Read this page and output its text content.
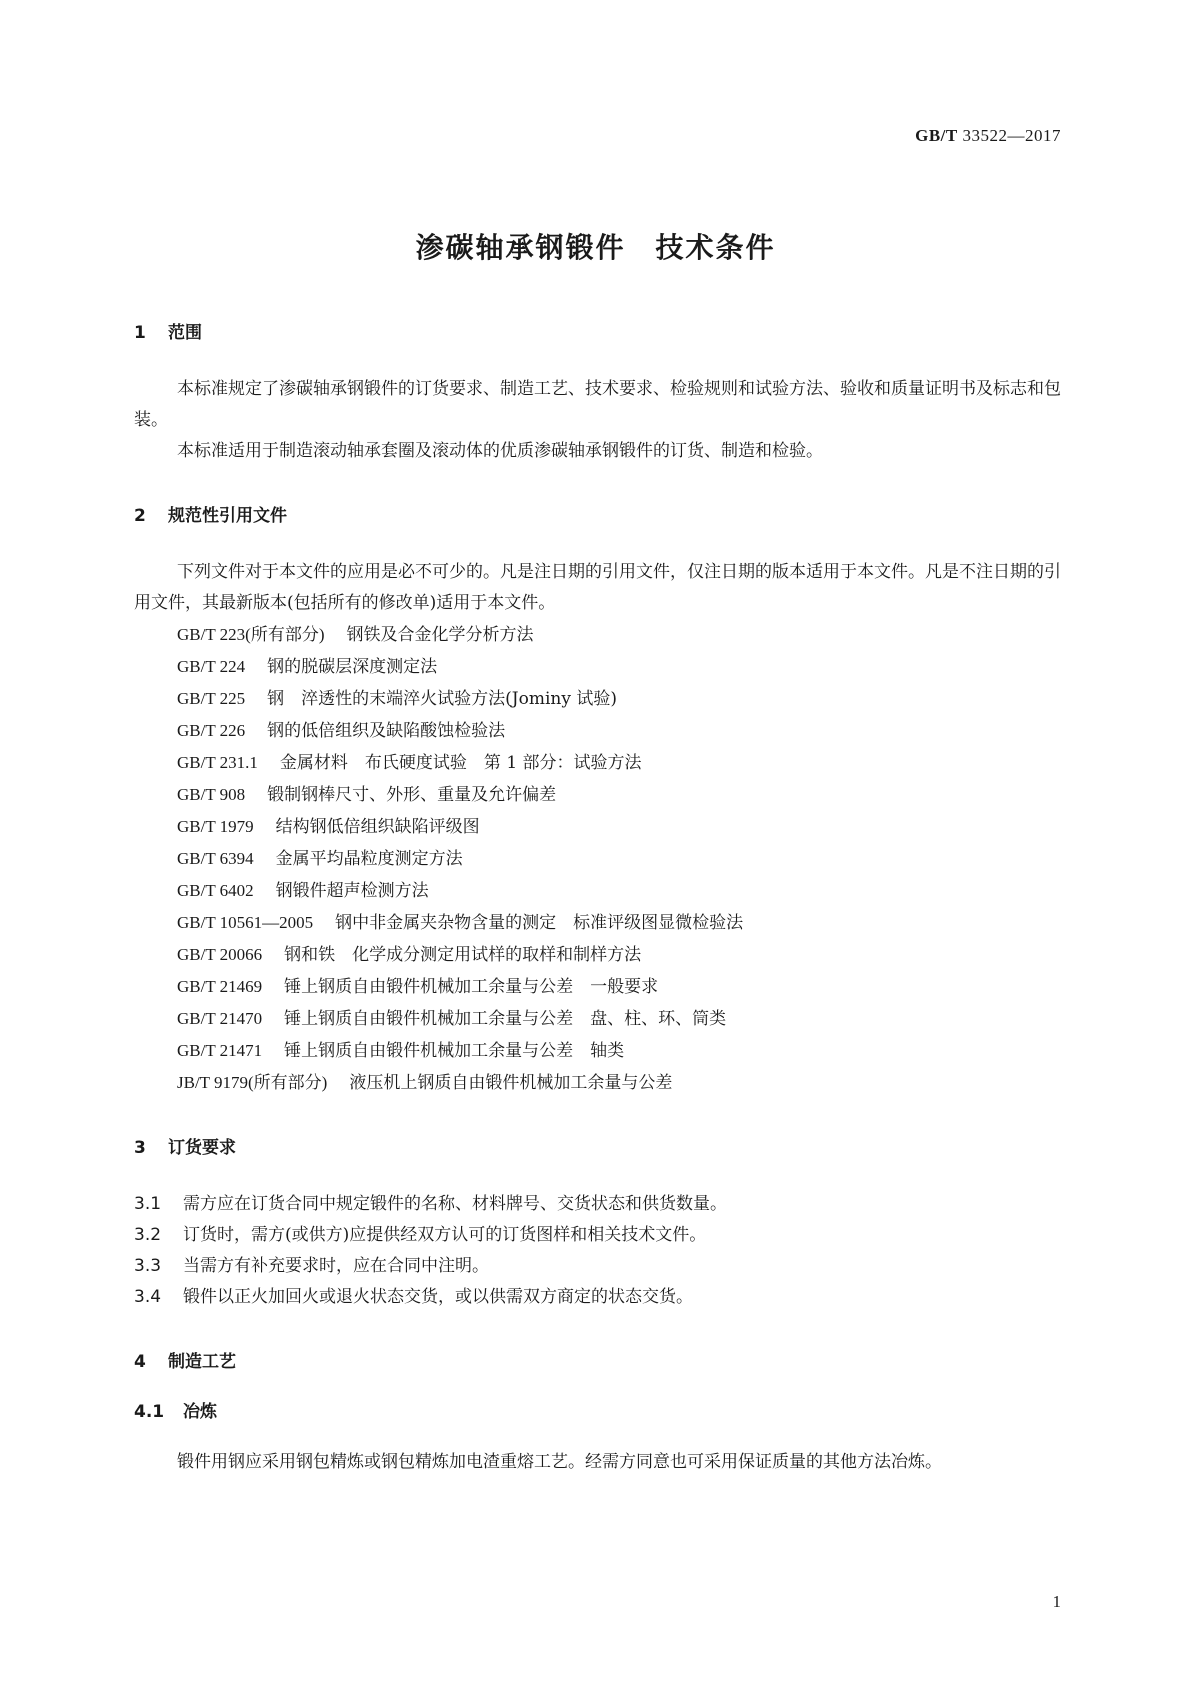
GB/T 33522—2017
渗碳轴承钢锻件 技术条件
1 范围
本标准规定了渗碳轴承钢锻件的订货要求、制造工艺、技术要求、检验规则和试验方法、验收和质量证明书及标志和包装。
本标准适用于制造滚动轴承套圈及滚动体的优质渗碳轴承钢锻件的订货、制造和检验。
2 规范性引用文件
下列文件对于本文件的应用是必不可少的。凡是注日期的引用文件，仅注日期的版本适用于本文件。凡是不注日期的引用文件，其最新版本(包括所有的修改单)适用于本文件。
GB/T 223(所有部分) 钢铁及合金化学分析方法
GB/T 224 钢的脱碳层深度测定法
GB/T 225 钢　淬透性的末端淬火试验方法(Jominy 试验)
GB/T 226 钢的低倍组织及缺陷酸蚀检验法
GB/T 231.1 金属材料　布氏硬度试验　第 1 部分：试验方法
GB/T 908 锻制钢棒尺寸、外形、重量及允许偏差
GB/T 1979 结构钢低倍组织缺陷评级图
GB/T 6394 金属平均晶粒度测定方法
GB/T 6402 钢锻件超声检测方法
GB/T 10561—2005 钢中非金属夹杂物含量的测定　标准评级图显微检验法
GB/T 20066 钢和铁　化学成分测定用试样的取样和制样方法
GB/T 21469 锤上钢质自由锻件机械加工余量与公差　一般要求
GB/T 21470 锤上钢质自由锻件机械加工余量与公差　盘、柱、环、筒类
GB/T 21471 锤上钢质自由锻件机械加工余量与公差　轴类
JB/T 9179(所有部分) 液压机上钢质自由锻件机械加工余量与公差
3 订货要求
3.1 需方应在订货合同中规定锻件的名称、材料牌号、交货状态和供货数量。
3.2 订货时，需方(或供方)应提供经双方认可的订货图样和相关技术文件。
3.3 当需方有补充要求时，应在合同中注明。
3.4 锻件以正火加回火或退火状态交货，或以供需双方商定的状态交货。
4 制造工艺
4.1 冶炼
锻件用钢应采用钢包精炼或钢包精炼加电渣重熔工艺。经需方同意也可采用保证质量的其他方法冶炼。
1
